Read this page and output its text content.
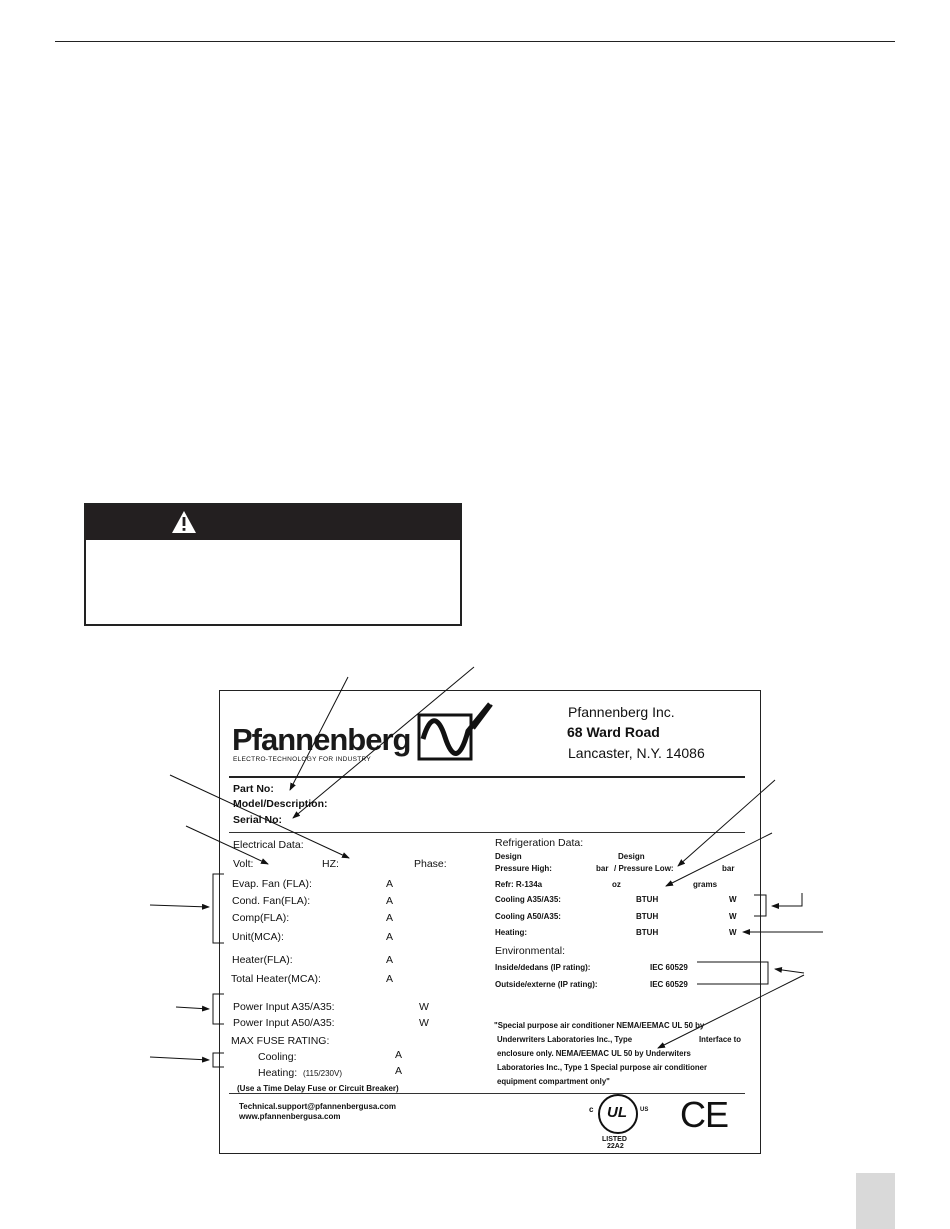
Pfannenberg
ELECTRO-TECHNOLOGY FOR INDUSTRY
Pfannenberg Inc.
68 Ward Road
Lancaster, N.Y. 14086
Part No:
Model/Description:
Serial No:
Electrical Data:
Volt:	HZ:	Phase:
Evap. Fan (FLA):	A
Cond. Fan(FLA):	A
Comp(FLA):	A
Unit(MCA):	A
Heater(FLA):	A
Total Heater(MCA):	A
Power Input A35/A35:	W
Power Input A50/A35:	W
MAX FUSE RATING:
Cooling:	A
Heating: (115/230V)	A
(Use a Time Delay Fuse or Circuit Breaker)
Refrigeration Data:
Design	Design
Pressure High:	bar / Pressure Low:	bar
Refr: R-134a	oz	grams
Cooling A35/A35:	BTUH	W
Cooling A50/A35:	BTUH	W
Heating:	BTUH	W
Environmental:
Inside/dedans (IP rating):	IEC 60529
Outside/externe (IP rating):	IEC 60529
"Special purpose air conditioner NEMA/EEMAC UL 50 by
Underwriters Laboratories Inc., Type	Interface to
enclosure only. NEMA/EEMAC UL 50 by Underwiters
Laboratories Inc., Type 1 Special purpose air conditioner
equipment compartment only"
Technical.support@pfannenbergusa.com
www.pfannenbergusa.com	UL
c	US
LISTED
22A2
CE
